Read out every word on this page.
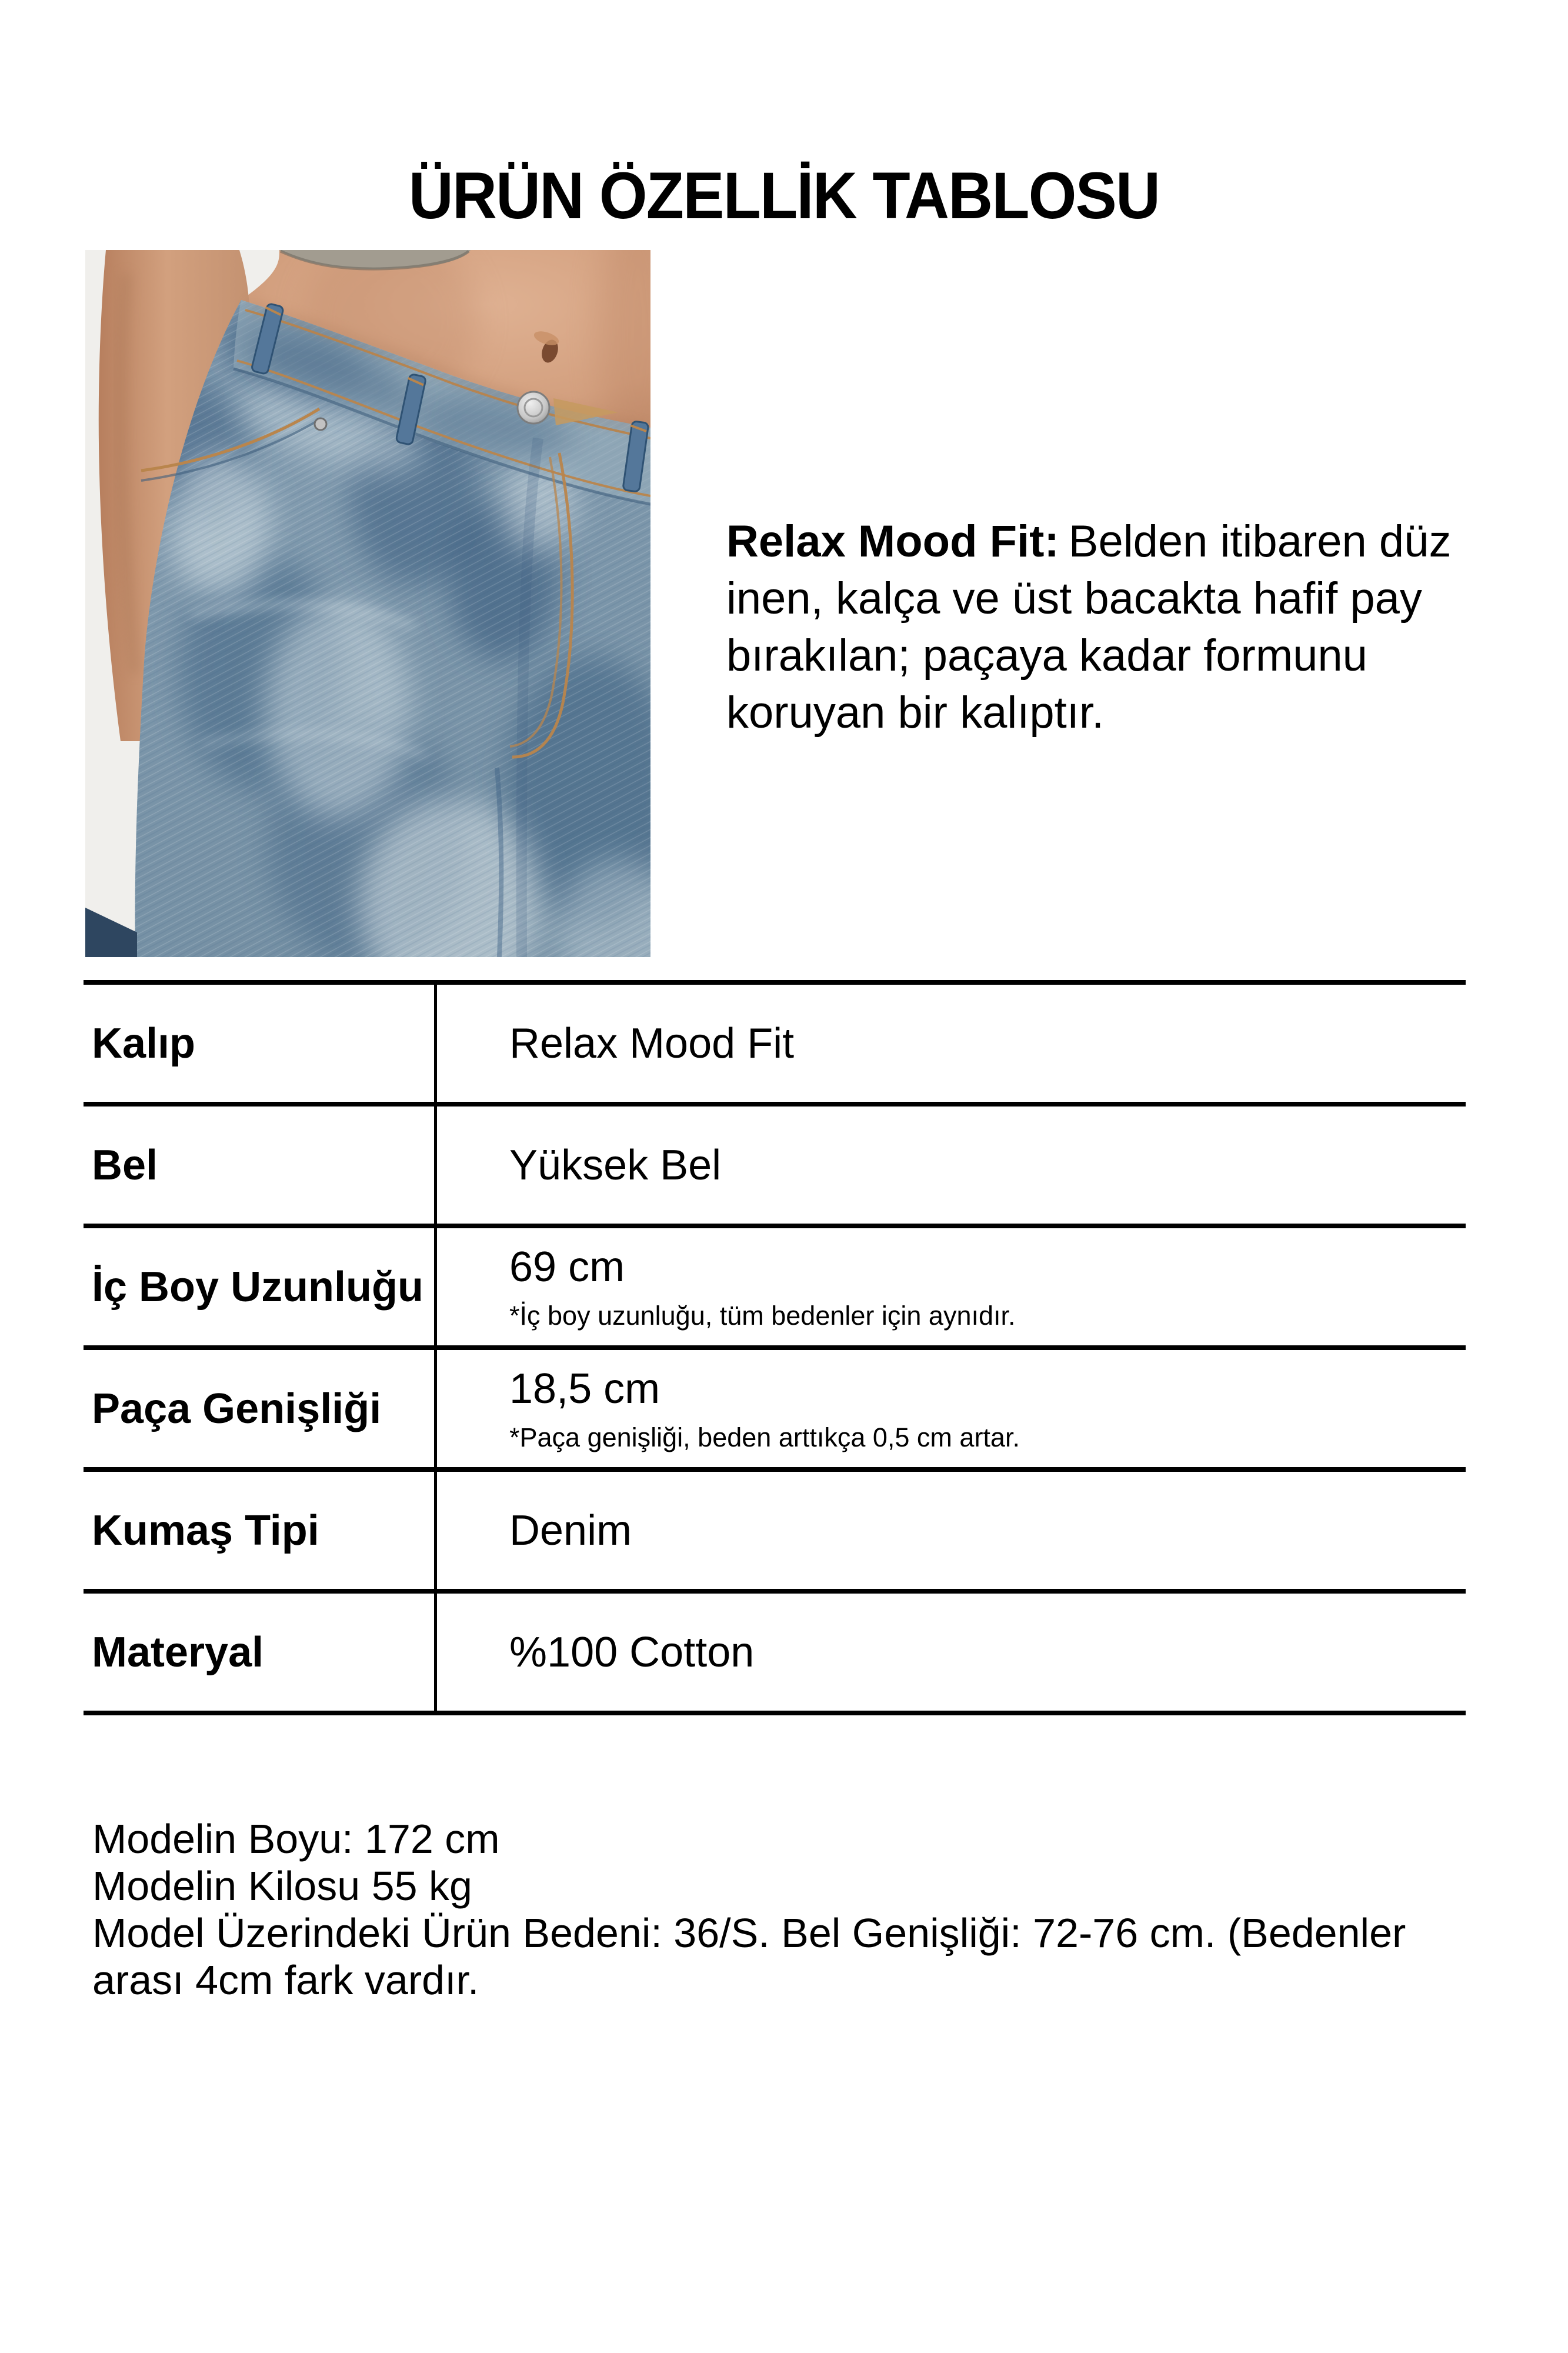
ÜRÜN ÖZELLİK TABLOSU
Relax Mood Fit: Belden itibaren düz
inen, kalça ve üst bacakta hafif pay
bırakılan; paçaya kadar formunu
koruyan bir kalıptır.
Kalıp	Relax Mood Fit
Bel	Yüksek Bel
İç Boy Uzunluğu	69 cm
*İç boy uzunluğu, tüm bedenler için aynıdır.
Paça Genişliği	18,5 cm
*Paça genişliği, beden arttıkça 0,5 cm artar.
Kumaş Tipi	Denim
Materyal	%100 Cotton
Modelin Boyu: 172 cm
Modelin Kilosu 55 kg
Model Üzerindeki Ürün Bedeni: 36/S. Bel Genişliği: 72-76 cm. (Bedenler
arası 4cm fark vardır.
